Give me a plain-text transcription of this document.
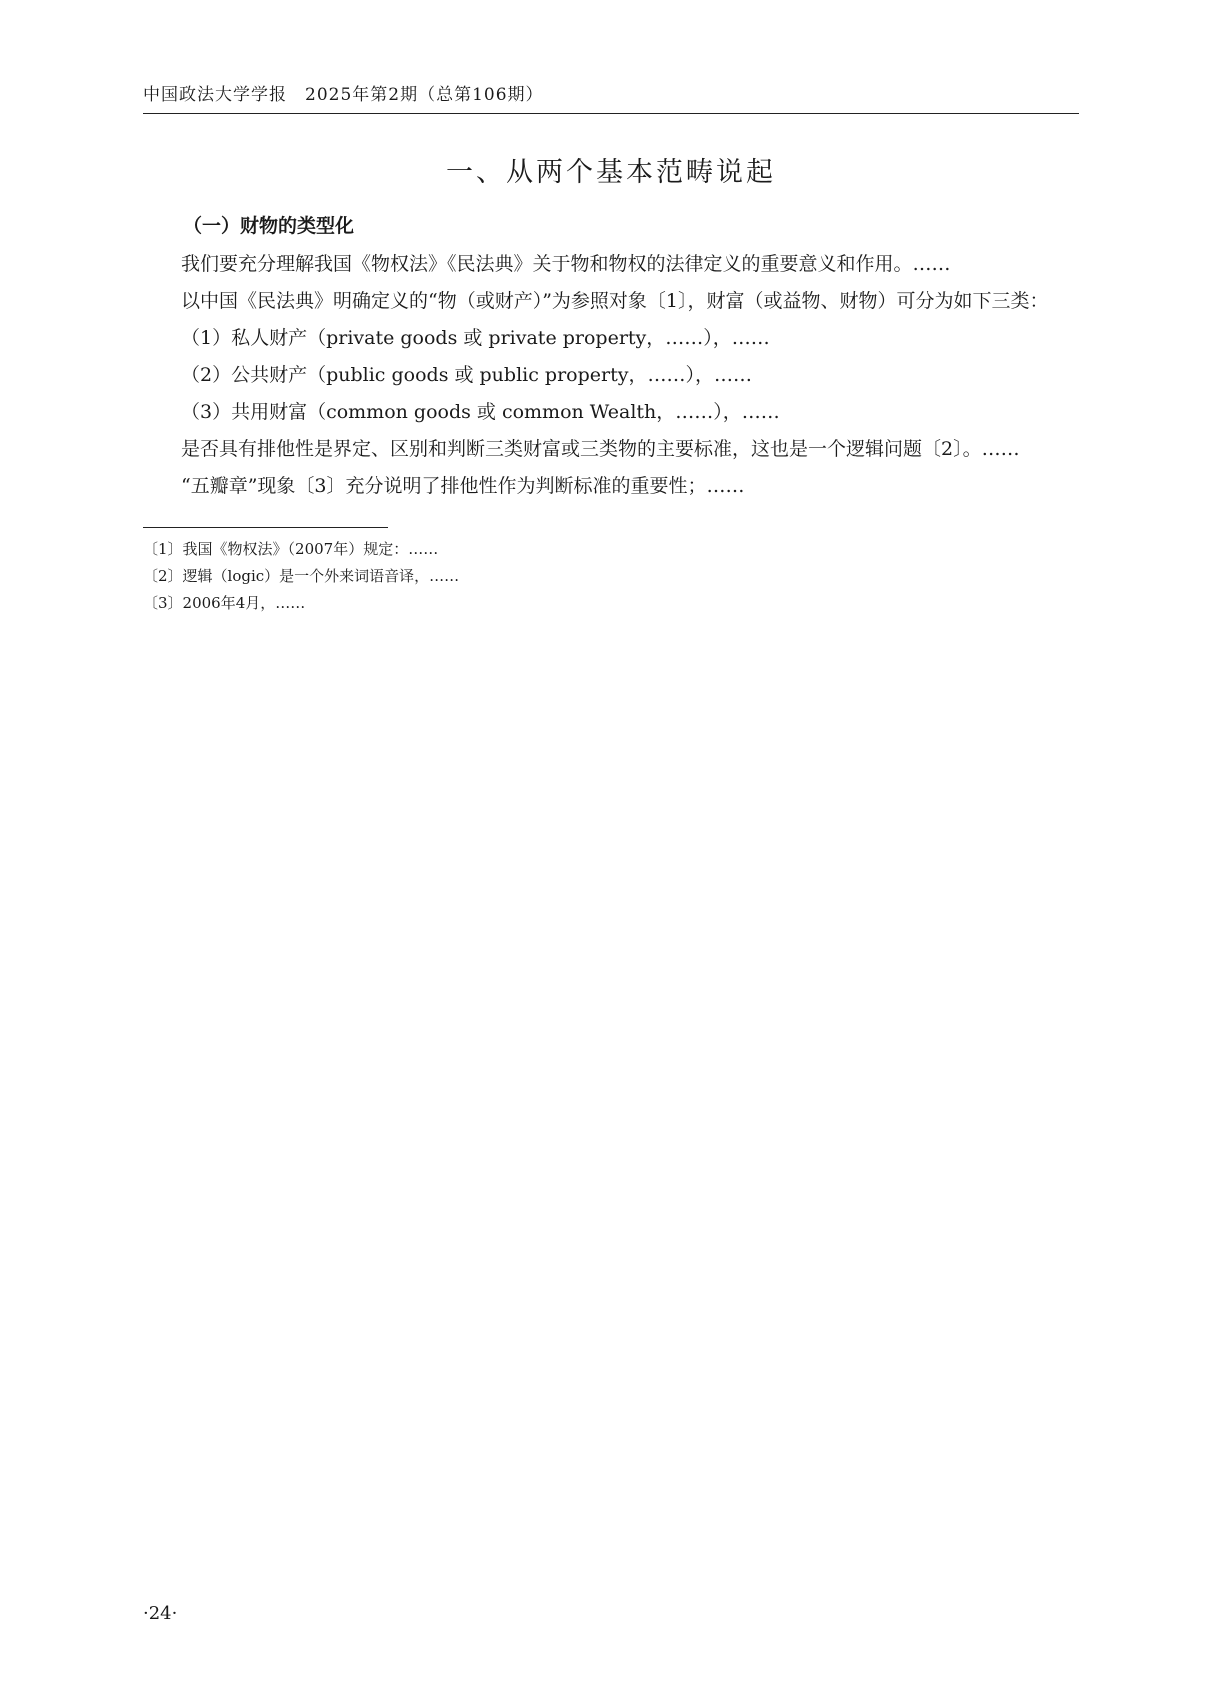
中国政法大学学报　2025年第2期（总第106期）
一、从两个基本范畴说起
（一）财物的类型化

我们要充分理解我国《物权法》《民法典》关于物和物权的法律定义的重要意义和作用。……

以中国《民法典》明确定义的“物（或财产）”为参照对象〔1〕，财富（或益物、财物）可分为如下三类：

（1）私人财产（private goods 或 private property，……），……

（2）公共财产（public goods 或 public property，……），……

（3）共用财富（common goods 或 common Wealth，……），……

是否具有排他性是界定、区别和判断三类财富或三类物的主要标准，这也是一个逻辑问题〔2〕。……

“五瓣章”现象〔3〕充分说明了排他性作为判断标准的重要性；……

〔1〕我国《物权法》（2007年）规定：……

〔2〕逻辑（logic）是一个外来词语音译，……

〔3〕2006年4月，……

·24·
